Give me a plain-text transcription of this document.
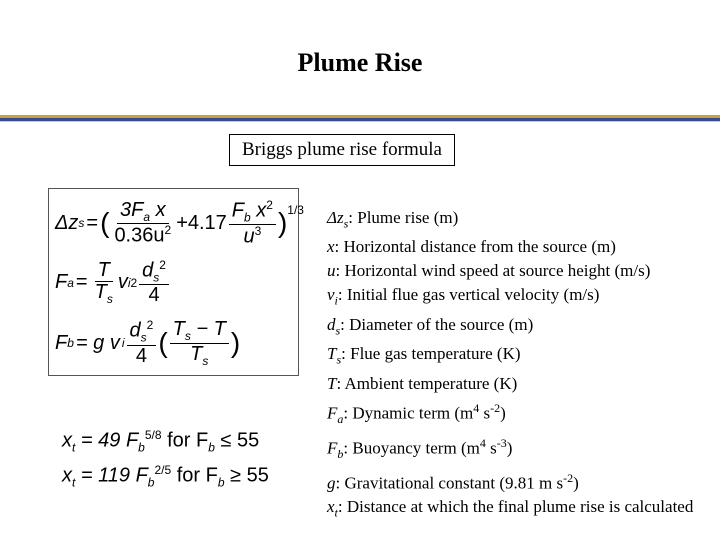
Plume Rise
Briggs plume rise formula
Δz s = ( $\frac{3F_a x}{0.36u^2} +4.17 \frac{F_b x^2}{u^3} )^{1/3}$
F $a = \frac{T}{T_s}$ v i $2 \frac{d_s^2}{4}$
F b = g v i $\frac{d_s^2}{4}$ ( $\frac{T_s - T}{T_s}$ )
$x_t = 49$ $F_b^{5/8}$ for $F_b \le 55$
$x_t = 119$ $F_b^{2/5}$ for $F_b \ge 55$
$\Delta z_s$: Plume rise (m)
x: Horizontal distance from the source (m)
u: Horizontal wind speed at source height (m/s)
$v_i$: Initial flue gas vertical velocity (m/s)
$d_s$: Diameter of the source (m)
$T_s$: Flue gas temperature (K)
T: Ambient temperature (K)
$F_a$: Dynamic term ($m^4$ $s^{-2}$)
$F_b$: Buoyancy term ($m^4$ $s^{-3}$)
g: Gravitational constant (9.81 m $s^{-2}$)
$x_t$: Distance at which the final plume rise is calculated
